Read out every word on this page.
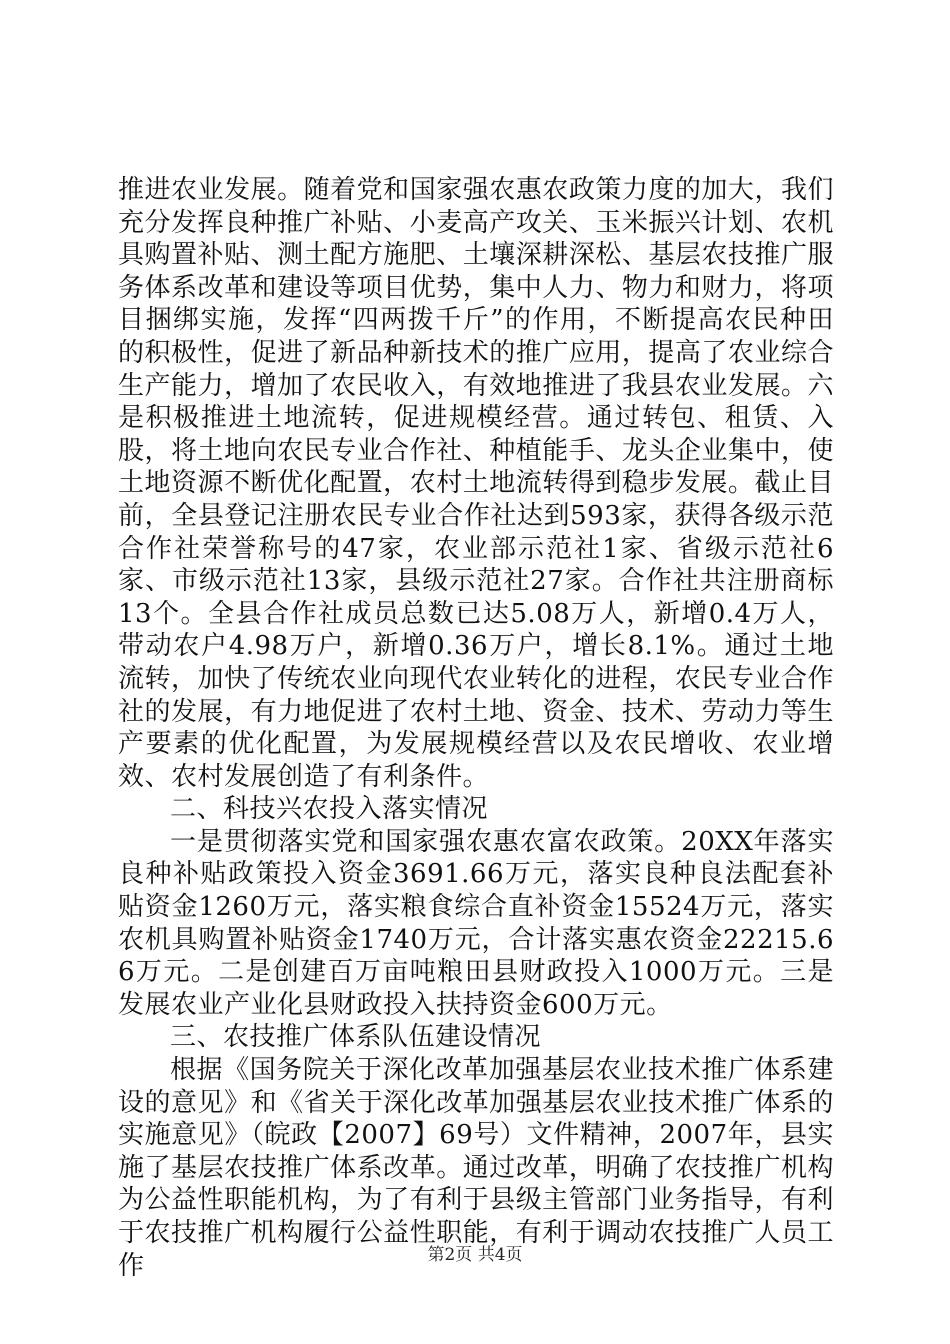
推进农业发展。随着党和国家强农惠农政策力度的加大，我们充分发挥良种推广补贴、小麦高产攻关、玉米振兴计划、农机具购置补贴、测土配方施肥、土壤深耕深松、基层农技推广服务体系改革和建设等项目优势，集中人力、物力和财力，将项目捆绑实施，发挥“四两拨千斤”的作用，不断提高农民种田的积极性，促进了新品种新技术的推广应用，提高了农业综合生产能力，增加了农民收入，有效地推进了我县农业发展。六是积极推进土地流转，促进规模经营。通过转包、租赁、入股，将土地向农民专业合作社、种植能手、龙头企业集中，使土地资源不断优化配置，农村土地流转得到稳步发展。截止目前，全县登记注册农民专业合作社达到593家，获得各级示范合作社荣誉称号的47家，农业部示范社1家、省级示范社6家、市级示范社13家，县级示范社27家。合作社共注册商标13个。全县合作社成员总数已达5.08万人，新增0.4万人，带动农户4.98万户，新增0.36万户，增长8.1%。通过土地流转，加快了传统农业向现代农业转化的进程，农民专业合作社的发展，有力地促进了农村土地、资金、技术、劳动力等生产要素的优化配置，为发展规模经营以及农民增收、农业增效、农村发展创造了有利条件。

二、科技兴农投入落实情况

一是贯彻落实党和国家强农惠农富农政策。20XX年落实良种补贴政策投入资金3691.66万元，落实良种良法配套补贴资金1260万元，落实粮食综合直补资金15524万元，落实农机具购置补贴资金1740万元，合计落实惠农资金22215.66万元。二是创建百万亩吨粮田县财政投入1000万元。三是发展农业产业化县财政投入扶持资金600万元。

三、农技推广体系队伍建设情况

根据《国务院关于深化改革加强基层农业技术推广体系建设的意见》和《省关于深化改革加强基层农业技术推广体系的实施意见》（皖政【2007】69号）文件精神，2007年，县实施了基层农技推广体系改革。通过改革，明确了农技推广机构为公益性职能机构，为了有利于县级主管部门业务指导，有利于农技推广机构履行公益性职能，有利于调动农技推广人员工作	第2页 共4页
